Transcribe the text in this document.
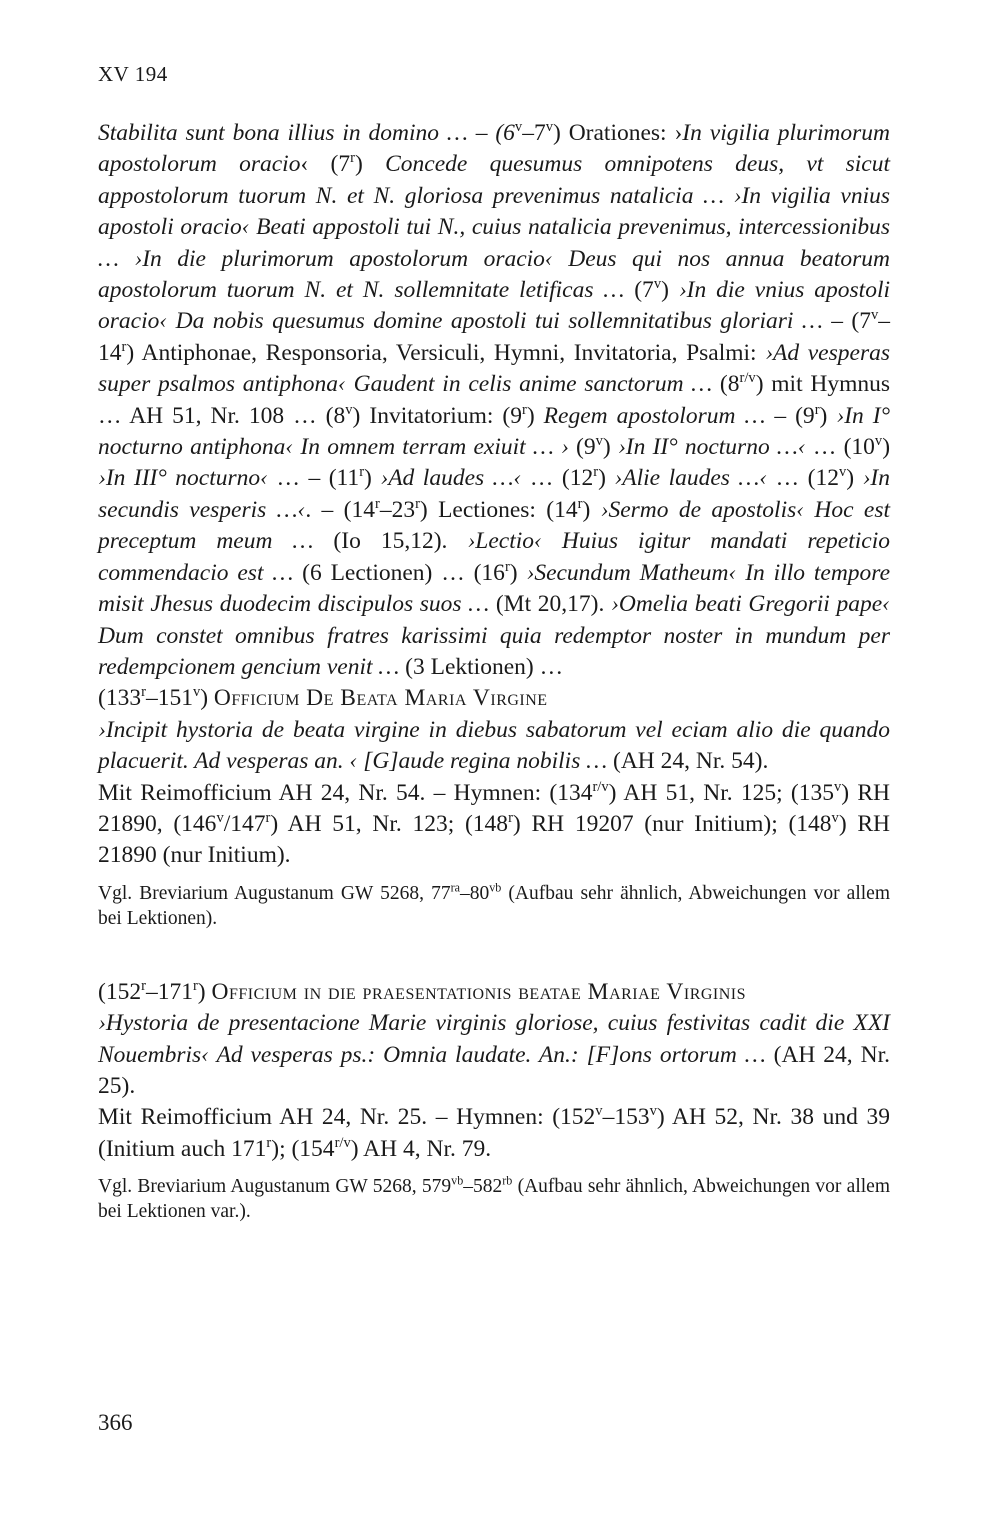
XV 194

Stabilita sunt bona illius in domino … – (6$^v$–7$^v$) Orationes: ›In vigilia plurimorum apostolorum oracio‹ (7$^r$) Concede quesumus omnipotens deus, vt sicut appostolorum tuorum N. et N. gloriosa prevenimus natalicia … ›In vigilia vnius apostoli oracio‹ Beati appostoli tui N., cuius natalicia prevenimus, intercessionibus … ›In die plurimorum apostolorum oracio‹ Deus qui nos annua beatorum apostolorum tuorum N. et N. sollemnitate letificas … (7$^v$) ›In die vnius apostoli oracio‹ Da nobis quesumus domine apostoli tui sollemnitatibus gloriari … – (7$^v$–14$^r$) Antiphonae, Responsoria, Versiculi, Hymni, Invitatoria, Psalmi: ›Ad vesperas super psalmos antiphona‹ Gaudent in celis anime sanctorum … $(8^{r/v})$ mit Hymnus … AH 51, Nr. 108 … (8$^v$) Invitatorium: (9$^r$) Regem apostolorum … – (9$^r$) ›In I° nocturno antiphona‹ In omnem terram exiuit … › (9$^v$) ›In II° nocturno …‹ … (10$^v$) ›In III° nocturno‹ … – (11$^r$) ›Ad laudes …‹ … (12$^r$) ›Alie laudes …‹ … (12$^v$) ›In secundis vesperis …‹. – (14$^r$–23$^r$) Lectiones: (14$^r$) ›Sermo de apostolis‹ Hoc est preceptum meum … (Io 15,12). ›Lectio‹ Huius igitur mandati repeticio commendacio est … (6 Lectionen) … (16$^r$) ›Secundum Matheum‹ In illo tempore misit Jhesus duodecim discipulos suos … (Mt 20,17). ›Omelia beati Gregorii pape‹ Dum constet omnibus fratres karissimi quia redemptor noster in mundum per redempcionem gencium venit … (3 Lektionen) …

(133$^r$–151$^v$) Officium De Beata Maria Virgine

›Incipit hystoria de beata virgine in diebus sabatorum vel eciam alio die quando placuerit. Ad vesperas an. ‹ [G]aude regina nobilis … (AH 24, Nr. 54).

Mit Reimofficium AH 24, Nr. 54. – Hymnen: $(134^{r/v})$ AH 51, Nr. 125; (135$^v$) RH 21890, (146$^v$/147$^r$) AH 51, Nr. 123; (148$^r$) RH 19207 (nur Initium); (148$^v$) RH 21890 (nur Initium).

Vgl. Breviarium Augustanum GW 5268, $77^{ra}-80^{vb}$ (Aufbau sehr ähnlich, Abweichungen vor allem bei Lektionen).

(152$^r$–171$^r$) Officium in die praesentationis beatae Mariae Virginis

›Hystoria de presentacione Marie virginis gloriose, cuius festivitas cadit die XXI Nouembris‹ Ad vesperas ps.: Omnia laudate. An.: [F]ons ortorum … (AH 24, Nr. 25).

Mit Reimofficium AH 24, Nr. 25. – Hymnen: (152$^v$–153$^v$) AH 52, Nr. 38 und 39 (Initium auch 171$^r$); $(154^{r/v})$ AH 4, Nr. 79.

Vgl. Breviarium Augustanum GW 5268, $579^{vb}-582^{rb}$ (Aufbau sehr ähnlich, Abweichungen vor allem bei Lektionen var.).

366
